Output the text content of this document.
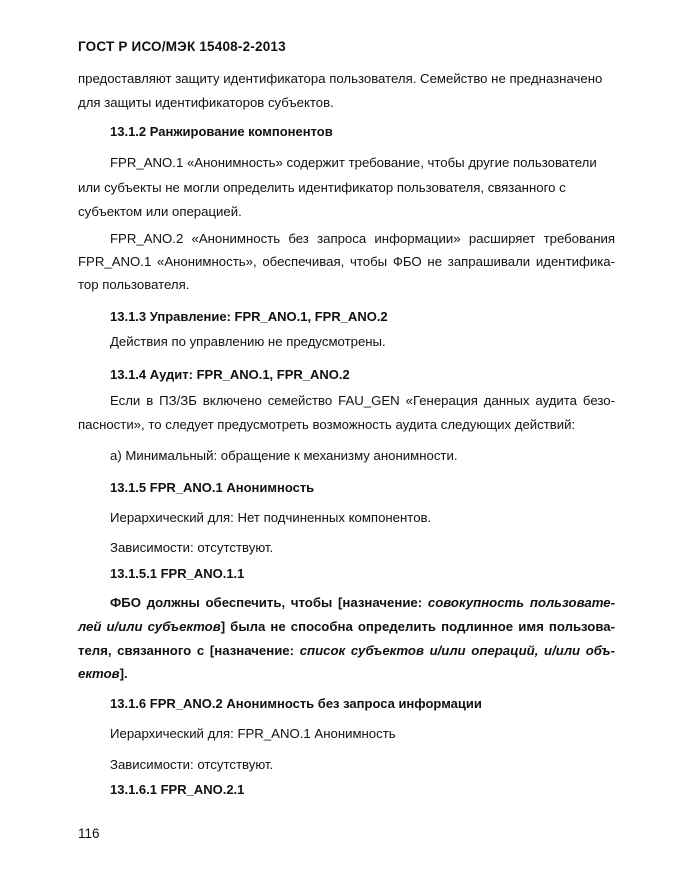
ГОСТ Р ИСО/МЭК 15408-2-2013
предоставляют защиту идентификатора пользователя. Семейство не предназначено
для защиты идентификаторов субъектов.
13.1.2 Ранжирование компонентов
FPR_ANO.1 «Анонимность» содержит требование, чтобы другие пользователи
или субъекты не могли определить идентификатор пользователя, связанного с
субъектом или операцией.
FPR_ANO.2 «Анонимность без запроса информации» расширяет требования
FPR_ANO.1 «Анонимность», обеспечивая, чтобы ФБО не запрашивали идентифика-
тор пользователя.
13.1.3 Управление: FPR_ANO.1, FPR_ANO.2
Действия по управлению не предусмотрены.
13.1.4 Аудит: FPR_ANO.1, FPR_ANO.2
Если в ПЗ/ЗБ включено семейство FAU_GEN «Генерация данных аудита безо-
пасности», то следует предусмотреть возможность аудита следующих действий:
а) Минимальный: обращение к механизму анонимности.
13.1.5 FPR_ANO.1 Анонимность
Иерархический для: Нет подчиненных компонентов.
Зависимости: отсутствуют.
13.1.5.1 FPR_ANO.1.1
ФБО должны обеспечить, чтобы [назначение: совокупность пользовате-
лей и/или субъектов] была не способна определить подлинное имя пользова-
теля, связанного с [назначение: список субъектов и/или операций, и/или объ-
ектов].
13.1.6 FPR_ANO.2 Анонимность без запроса информации
Иерархический для: FPR_ANO.1 Анонимность
Зависимости: отсутствуют.
13.1.6.1 FPR_ANO.2.1
116
